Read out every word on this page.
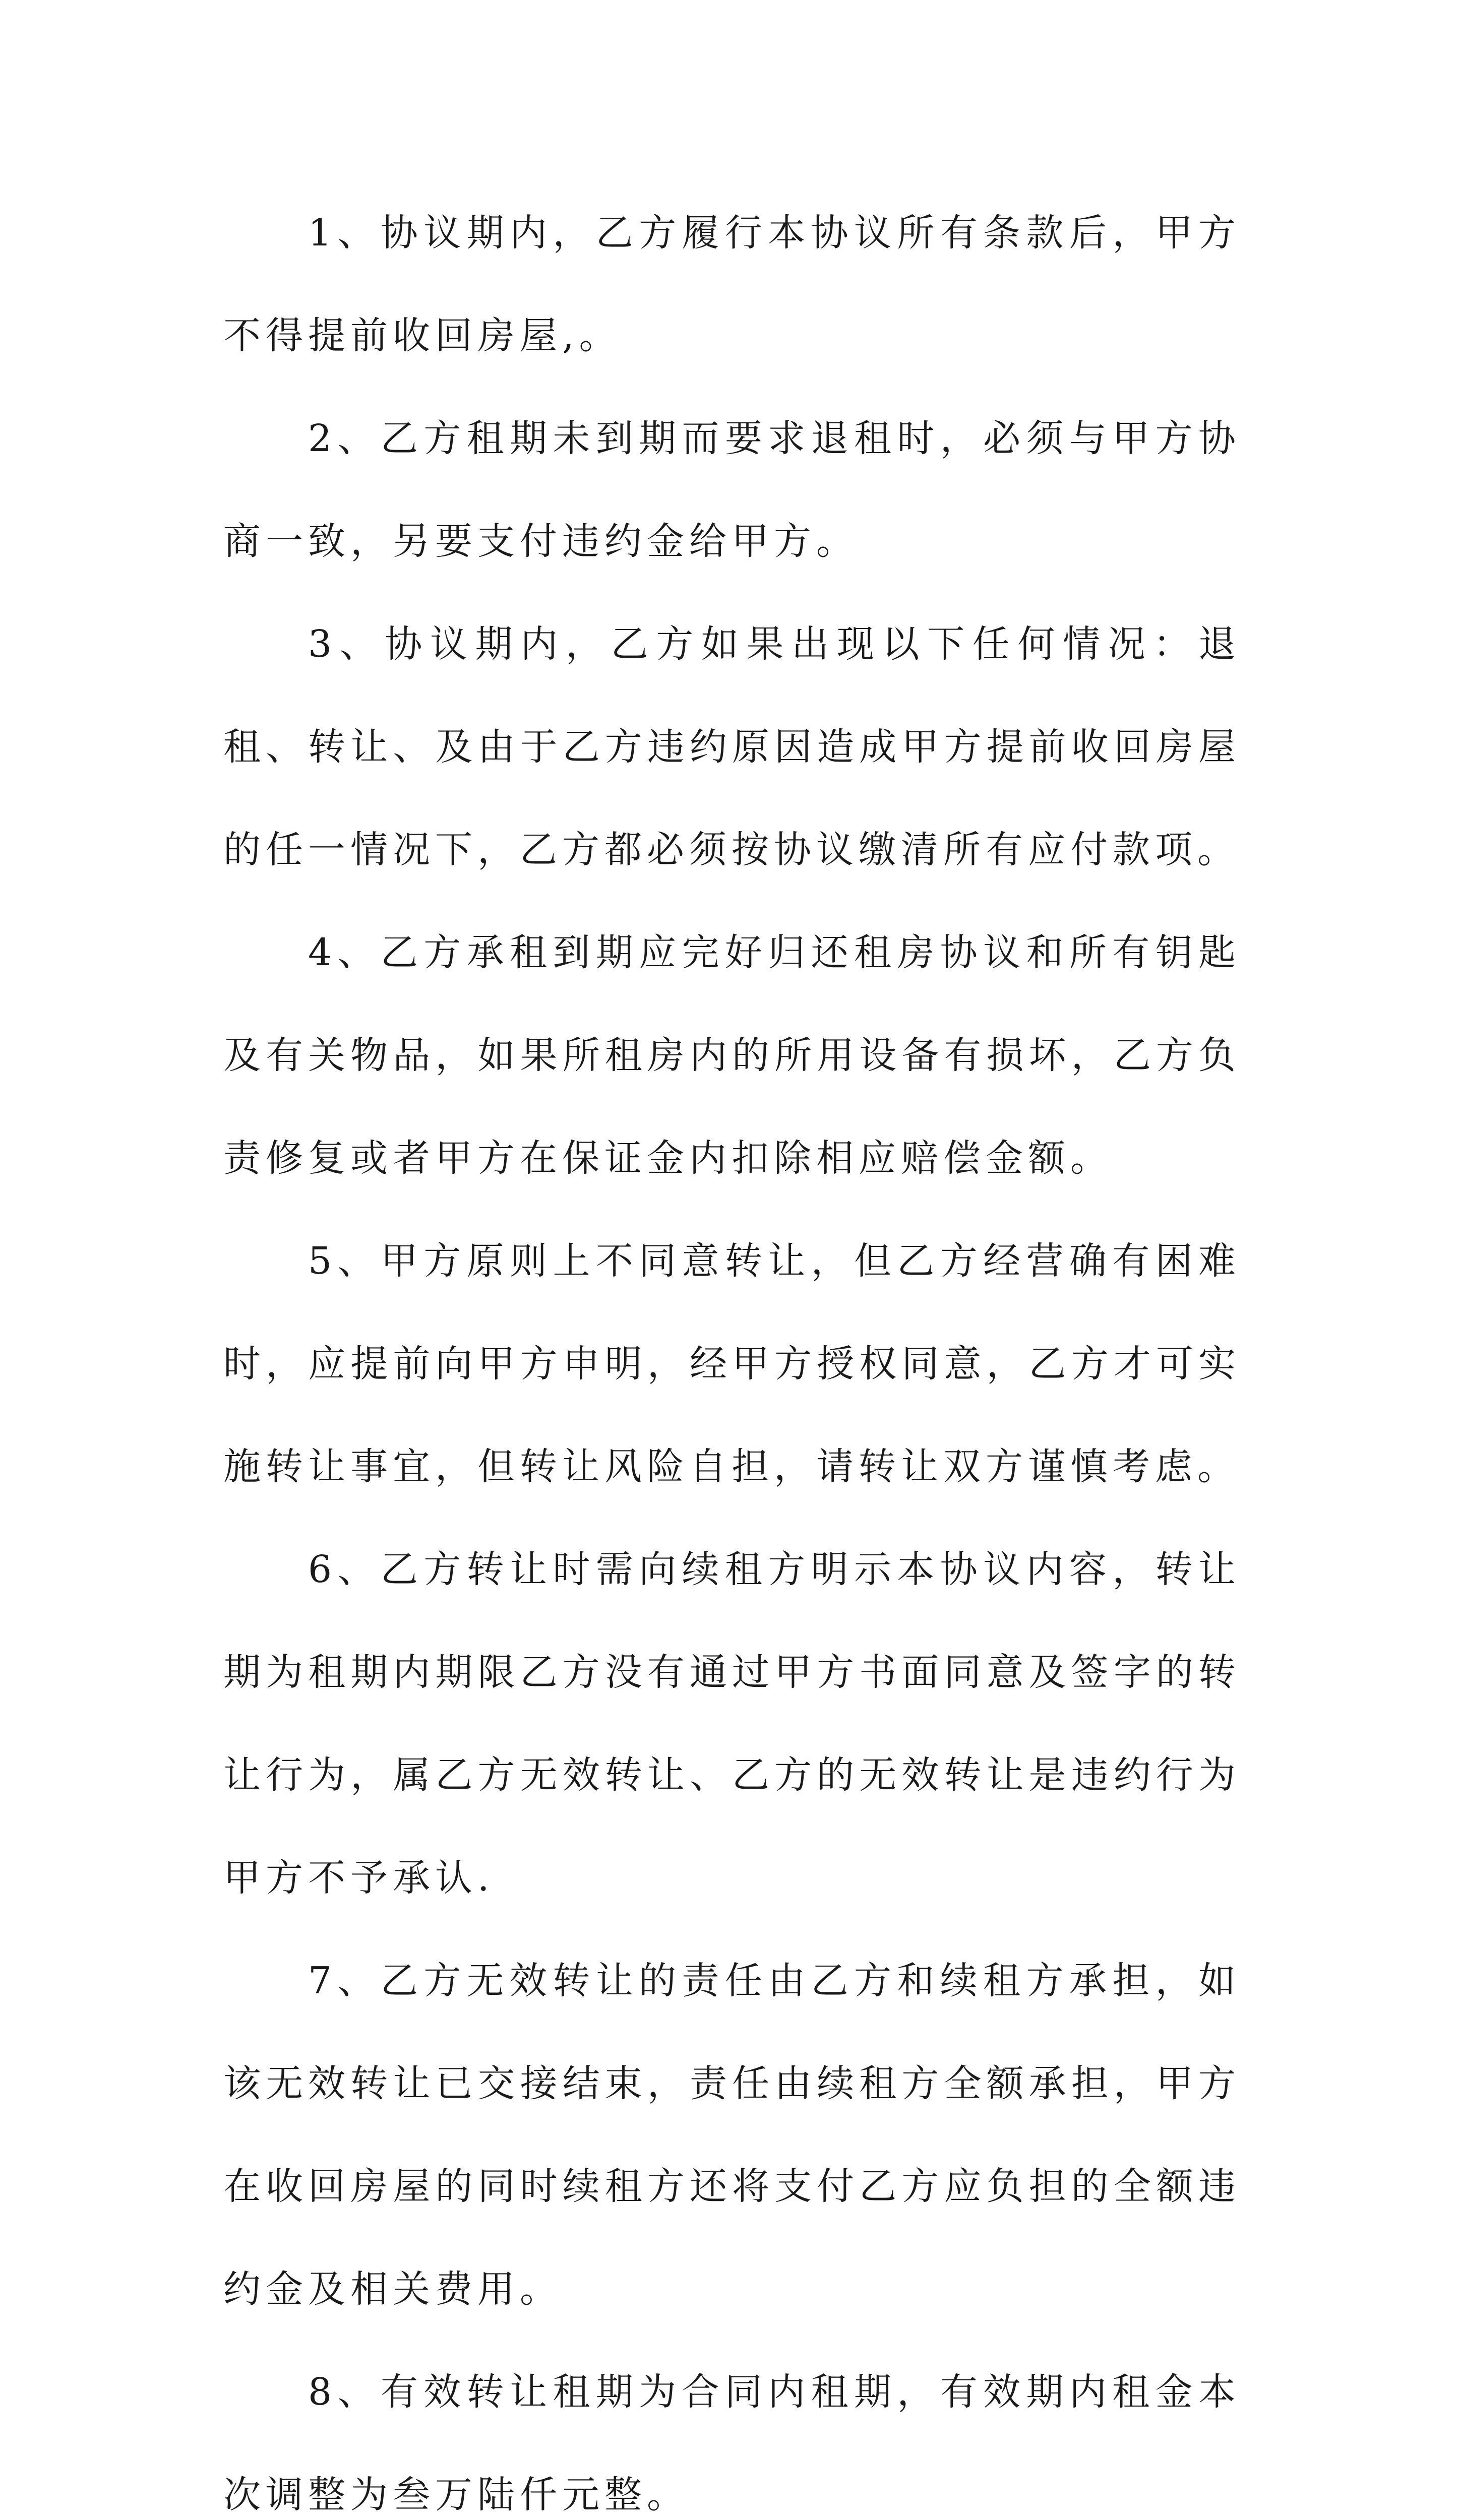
1、协议期内，乙方履行本协议所有条款后，甲方不得提前收回房屋,。

2、乙方租期未到期而要求退租时，必须与甲方协商一致，另要支付违约金给甲方。

3、协议期内，乙方如果出现以下任何情况：退租、转让、及由于乙方违约原因造成甲方提前收回房屋的任一情况下，乙方都必须按协议缴清所有应付款项。

4、乙方承租到期应完好归还租房协议和所有钥匙及有关物品，如果所租房内的所用设备有损坏，乙方负责修复或者甲方在保证金内扣除相应赔偿金额。

5、甲方原则上不同意转让，但乙方经营确有困难时，应提前向甲方申明，经甲方授权同意，乙方才可实施转让事宜，但转让风险自担，请转让双方谨慎考虑。

6、乙方转让时需向续租方明示本协议内容，转让期为租期内期限乙方没有通过甲方书面同意及签字的转让行为，属乙方无效转让、乙方的无效转让是违约行为甲方不予承认.

7、乙方无效转让的责任由乙方和续租方承担，如该无效转让已交接结束，责任由续租方全额承担，甲方在收回房屋的同时续租方还将支付乙方应负担的全额违约金及相关费用。

8、有效转让租期为合同内租期，有效期内租金本次调整为叁万陆仟元整。
